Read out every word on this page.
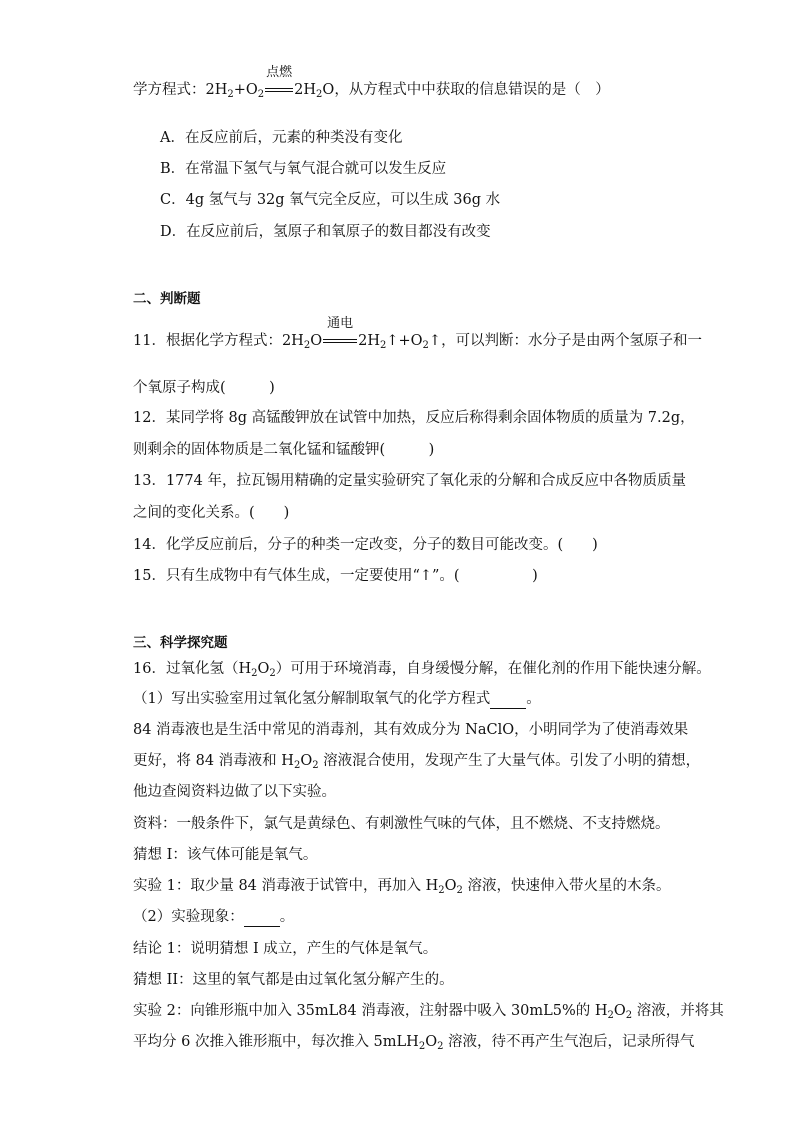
学方程式：$2H_2+O_2$
点燃
$2H_2O$，从方程式中中获取的信息错误的是（　）
A．在反应前后，元素的种类没有变化
B．在常温下氢气与氧气混合就可以发生反应
C．4g 氢气与 32g 氧气完全反应，可以生成 36g 水
D．在反应前后，氢原子和氧原子的数目都没有改变
二、判断题
11．根据化学方程式：$2H_2O$
通电
$2H_2↑+O_2↑$，可以判断：水分子是由两个氢原子和一
个氧原子构成(　　　)
12．某同学将 8g 高锰酸钾放在试管中加热，反应后称得剩余固体物质的质量为 7.2g，
则剩余的固体物质是二氧化锰和锰酸钾(　　　)
13．1774 年，拉瓦锡用精确的定量实验研究了氧化汞的分解和合成反应中各物质质量
之间的变化关系。(　　)
14．化学反应前后，分子的种类一定改变，分子的数目可能改变。(　　)
15．只有生成物中有气体生成，一定要使用“↑”。(　　　　　)
三、科学探究题
16．过氧化氢$(H_2O_2)$可用于环境消毒，自身缓慢分解，在催化剂的作用下能快速分解。
（1）写出实验室用过氧化氢分解制取氧气的化学方程式 。
84 消毒液也是生活中常见的消毒剂，其有效成分为 NaClO，小明同学为了使消毒效果
更好，将 84 消毒液和 $H_2O_2$ 溶液混合使用，发现产生了大量气体。引发了小明的猜想，
他边查阅资料边做了以下实验。
资料：一般条件下，氯气是黄绿色、有刺激性气味的气体，且不燃烧、不支持燃烧。
猜想 I：该气体可能是氧气。
实验 1：取少量 84 消毒液于试管中，再加入 $H_2O_2$ 溶液，快速伸入带火星的木条。
（2）实验现象： 。
结论 1：说明猜想 I 成立，产生的气体是氧气。
猜想 II：这里的氧气都是由过氧化氢分解产生的。
实验 2：向锥形瓶中加入 35mL84 消毒液，注射器中吸入 30mL5%的 $H_2O_2$ 溶液，并将其
平均分 6 次推入锥形瓶中，每次推入 $5mLH_2O_2$ 溶液，待不再产生气泡后，记录所得气
